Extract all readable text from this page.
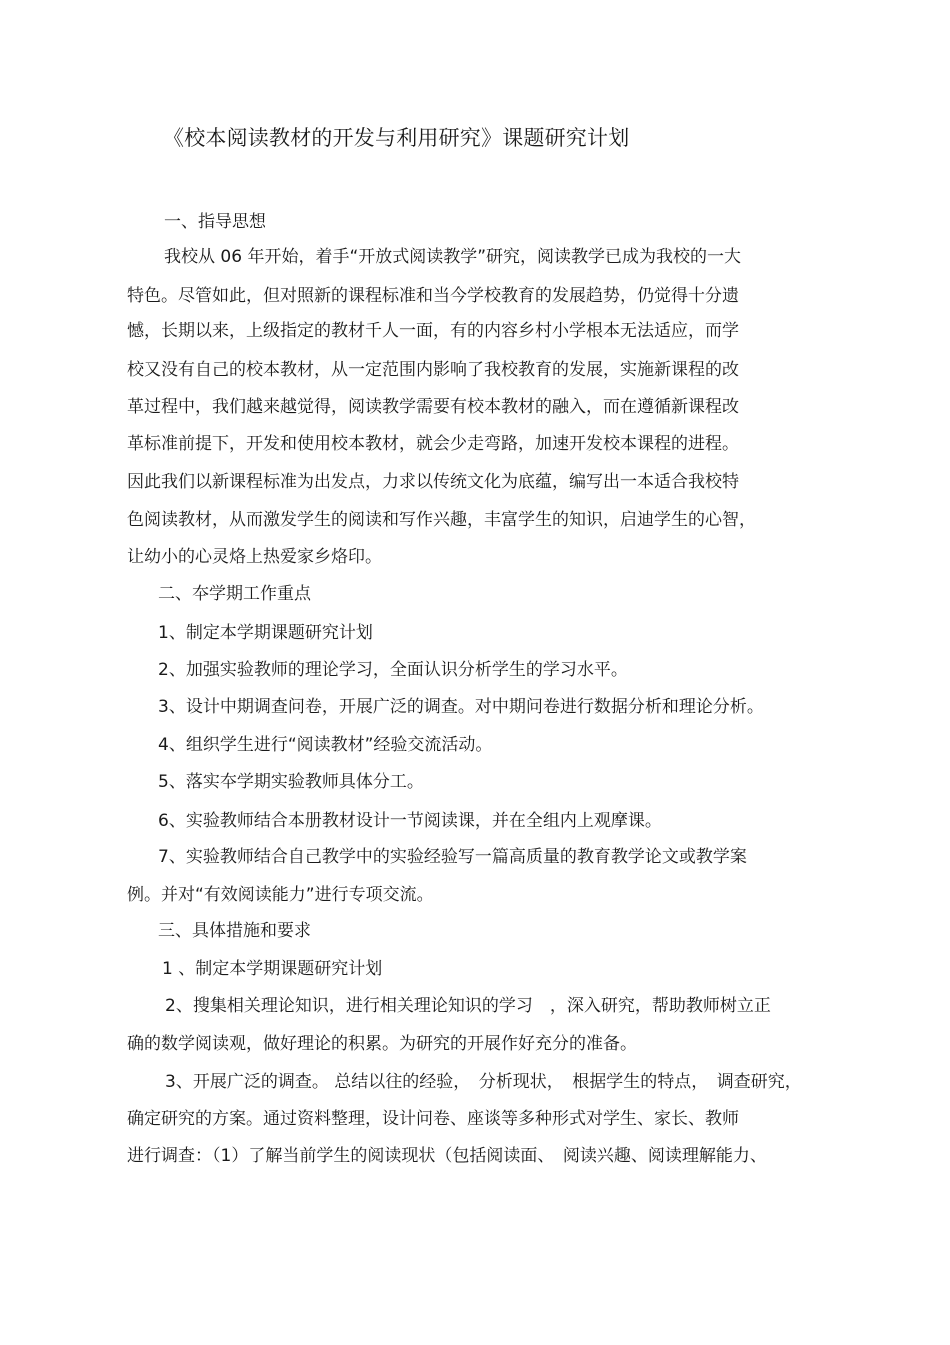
《校本阅读教材的开发与利用研究》课题研究计划
一、指导思想
我校从 06 年开始，着手“开放式阅读教学”研究，阅读教学已成为我校的一大
特色。尽管如此，但对照新的课程标准和当今学校教育的发展趋势，仍觉得十分遗
憾，长期以来，上级指定的教材千人一面，有的内容乡村小学根本无法适应，而学
校又没有自己的校本教材，从一定范围内影响了我校教育的发展，实施新课程的改
革过程中，我们越来越觉得，阅读教学需要有校本教材的融入，而在遵循新课程改
革标准前提下，开发和使用校本教材，就会少走弯路，加速开发校本课程的进程。
因此我们以新课程标准为出发点，力求以传统文化为底蕴，编写出一本适合我校特
色阅读教材，从而激发学生的阅读和写作兴趣，丰富学生的知识，启迪学生的心智，
让幼小的心灵烙上热爱家乡烙印。
二、夲学期工作重点
1、制定本学期课题研究计划
2、加强实验教师的理论学习，全面认识分析学生的学习水平。
3、设计中期调查问卷，开展广泛的调查。对中期问卷进行数据分析和理论分析。
4、组织学生进行“阅读教材”经验交流活动。
5、落实夲学期实验教师具体分工。
6、实验教师结合本册教材设计一节阅读课，并在全组内上观摩课。
7、实验教师结合自己教学中的实验经验写一篇高质量的教育教学论文或教学案
例。并对“有效阅读能力”进行专项交流。
三、具体措施和要求
1 、制定本学期课题研究计划
2、搜集相关理论知识，进行相关理论知识的学习　，深入研究，帮助教师树立正
确的数学阅读观，做好理论的积累。为研究的开展作好充分的准备。
3、开展广泛的调查。 总结以往的经验，　分析现状，　根据学生的特点，　调查研究，
确定研究的方案。通过资料整理，设计问卷、座谈等多种形式对学生、家长、教师
进行调查：（1）了解当前学生的阅读现状（包括阅读面、　阅读兴趣、阅读理解能力、
